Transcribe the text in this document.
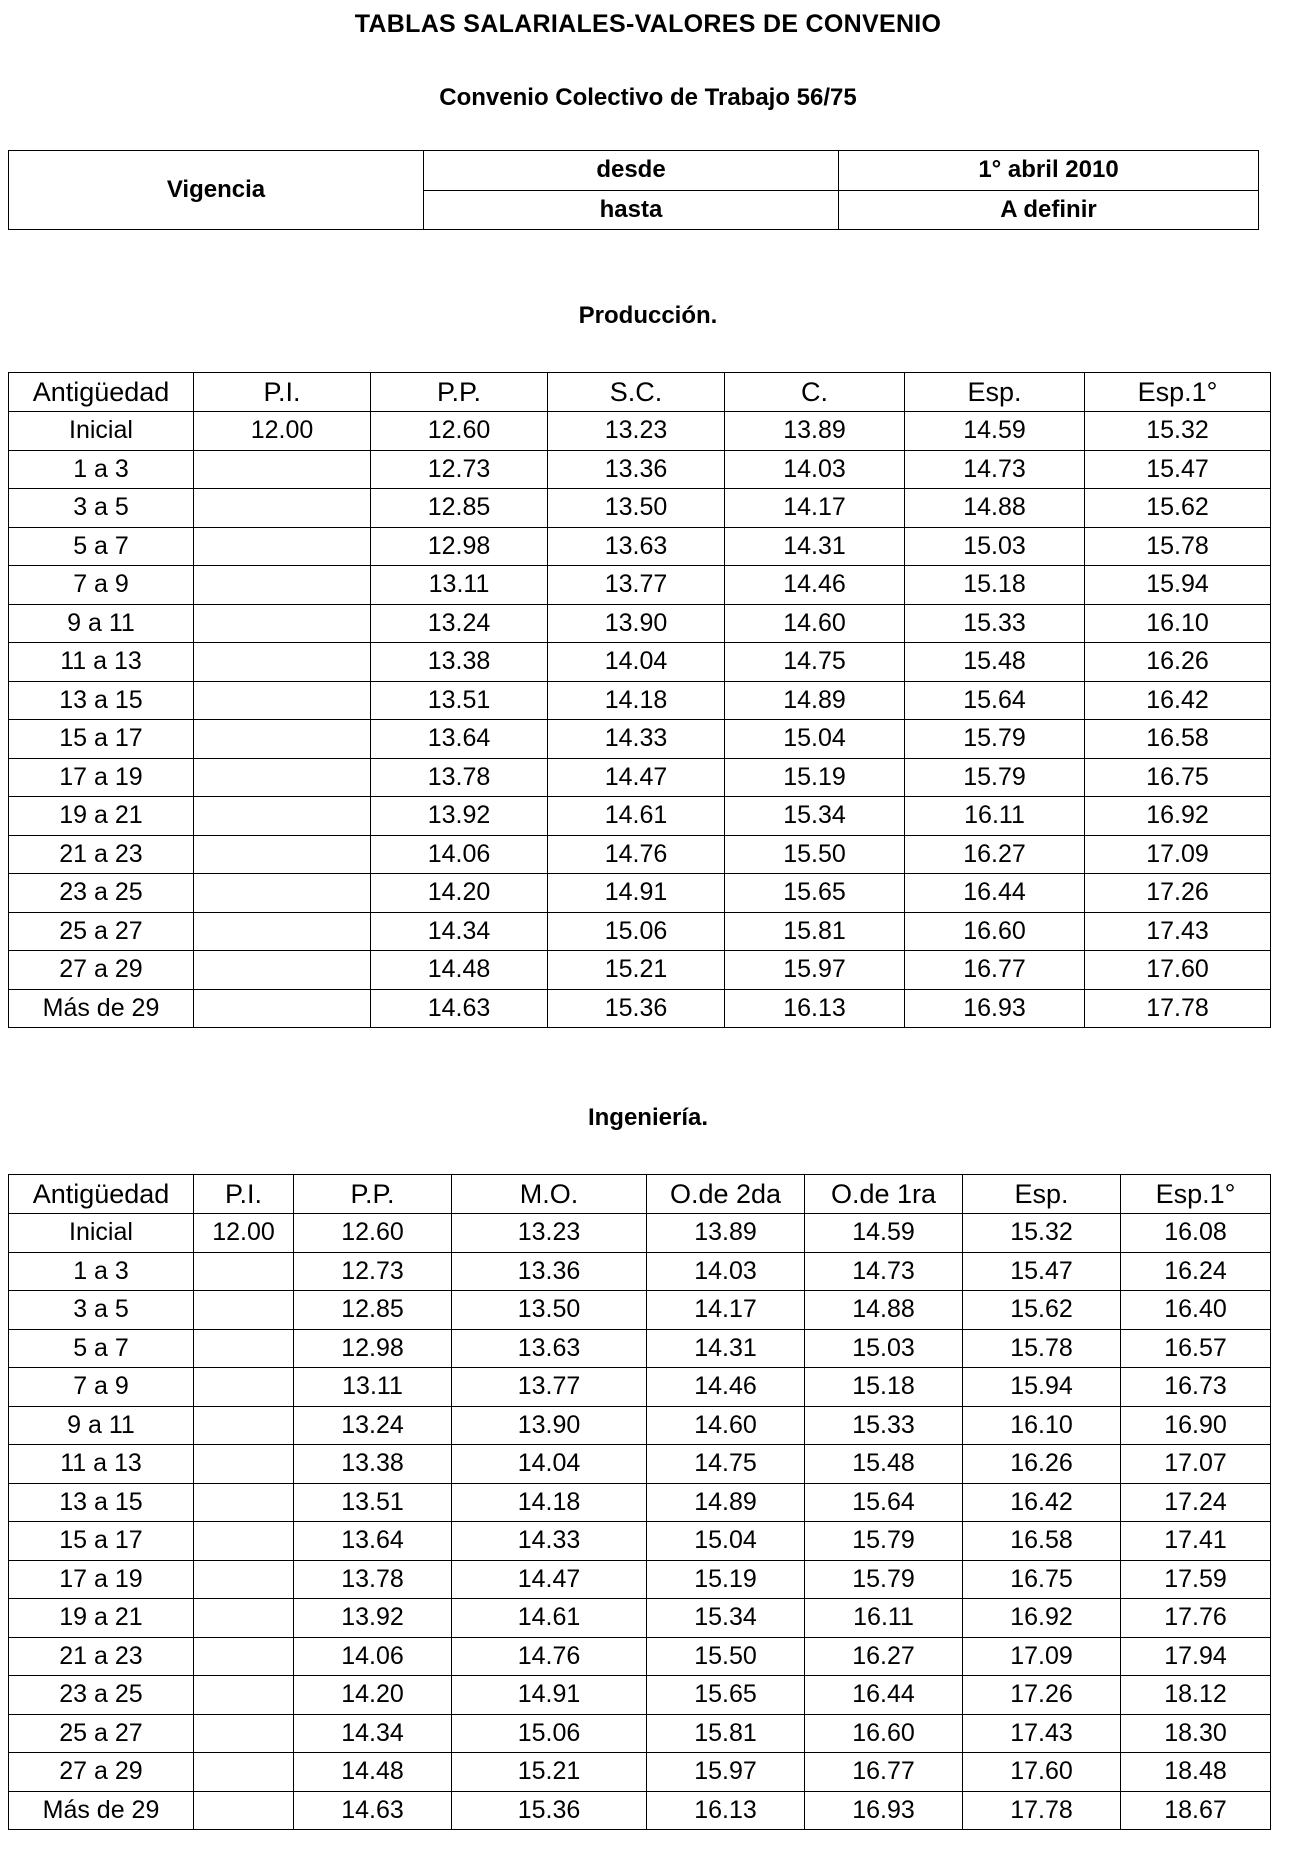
TABLAS SALARIALES-VALORES DE CONVENIO
Convenio Colectivo de Trabajo 56/75
Vigencia	desde	1° abril 2010
	hasta	A definir
Producción.
Antigüedad	P.I.	P.P.	S.C.	C.	Esp.	Esp.1°
Inicial	12.00	12.60	13.23	13.89	14.59	15.32
1 a 3		12.73	13.36	14.03	14.73	15.47
3 a 5		12.85	13.50	14.17	14.88	15.62
5 a 7		12.98	13.63	14.31	15.03	15.78
7 a 9		13.11	13.77	14.46	15.18	15.94
9 a 11		13.24	13.90	14.60	15.33	16.10
11 a 13		13.38	14.04	14.75	15.48	16.26
13 a 15		13.51	14.18	14.89	15.64	16.42
15 a 17		13.64	14.33	15.04	15.79	16.58
17 a 19		13.78	14.47	15.19	15.79	16.75
19 a 21		13.92	14.61	15.34	16.11	16.92
21 a 23		14.06	14.76	15.50	16.27	17.09
23 a 25		14.20	14.91	15.65	16.44	17.26
25 a 27		14.34	15.06	15.81	16.60	17.43
27 a 29		14.48	15.21	15.97	16.77	17.60
Más de 29		14.63	15.36	16.13	16.93	17.78
Ingeniería.
Antigüedad	P.I.	P.P.	M.O.	O.de 2da	O.de 1ra	Esp.	Esp.1°
Inicial	12.00	12.60	13.23	13.89	14.59	15.32	16.08
1 a 3		12.73	13.36	14.03	14.73	15.47	16.24
3 a 5		12.85	13.50	14.17	14.88	15.62	16.40
5 a 7		12.98	13.63	14.31	15.03	15.78	16.57
7 a 9		13.11	13.77	14.46	15.18	15.94	16.73
9 a 11		13.24	13.90	14.60	15.33	16.10	16.90
11 a 13		13.38	14.04	14.75	15.48	16.26	17.07
13 a 15		13.51	14.18	14.89	15.64	16.42	17.24
15 a 17		13.64	14.33	15.04	15.79	16.58	17.41
17 a 19		13.78	14.47	15.19	15.79	16.75	17.59
19 a 21		13.92	14.61	15.34	16.11	16.92	17.76
21 a 23		14.06	14.76	15.50	16.27	17.09	17.94
23 a 25		14.20	14.91	15.65	16.44	17.26	18.12
25 a 27		14.34	15.06	15.81	16.60	17.43	18.30
27 a 29		14.48	15.21	15.97	16.77	17.60	18.48
Más de 29		14.63	15.36	16.13	16.93	17.78	18.67
